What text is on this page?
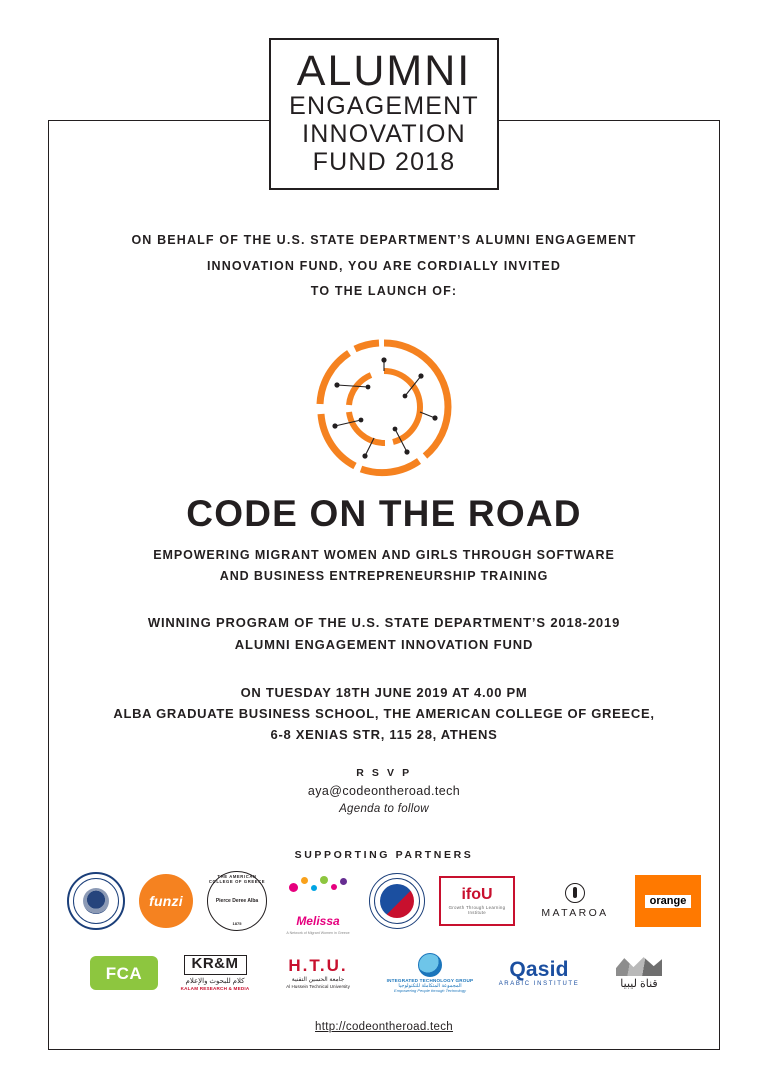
ALUMNI
ENGAGEMENT
INNOVATION
FUND 2018
ON BEHALF OF THE U.S. STATE DEPARTMENT’S ALUMNI ENGAGEMENT
INNOVATION FUND, YOU ARE CORDIALLY INVITED
TO THE LAUNCH OF:
CODE ON THE ROAD
EMPOWERING MIGRANT WOMEN AND GIRLS THROUGH SOFTWARE
AND BUSINESS ENTREPRENEURSHIP TRAINING
WINNING PROGRAM OF THE U.S. STATE DEPARTMENT’S 2018-2019
ALUMNI ENGAGEMENT INNOVATION FUND
ON TUESDAY 18TH JUNE 2019 AT 4.00 PM
ALBA GRADUATE BUSINESS SCHOOL, THE AMERICAN COLLEGE OF GREECE,
6-8 XENIAS STR, 115 28, ATHENS
R S V P
aya@codeontheroad.tech
Agenda to follow
SUPPORTING PARTNERS
funzi
THE AMERICAN COLLEGE OF GREECE
Pierce Deree Alba
1875	Melissa
A Network of Migrant Women in Greece
ifoU
Growth Through Learning Institute	MATAROA
orange
FCA	KR&M
كلام للبحوث والإعلام
KALAM RESEARCH & MEDIA
H.T.U.
جامعة الحسين التقنية
Al Hussein Technical University
INTEGRATED TECHNOLOGY GROUP
المجموعة المتكاملة للتكنولوجيا
Empowering People through Technology
Qasid
ARABIC INSTITUTE	قناة ليبيا
http://codeontheroad.tech
